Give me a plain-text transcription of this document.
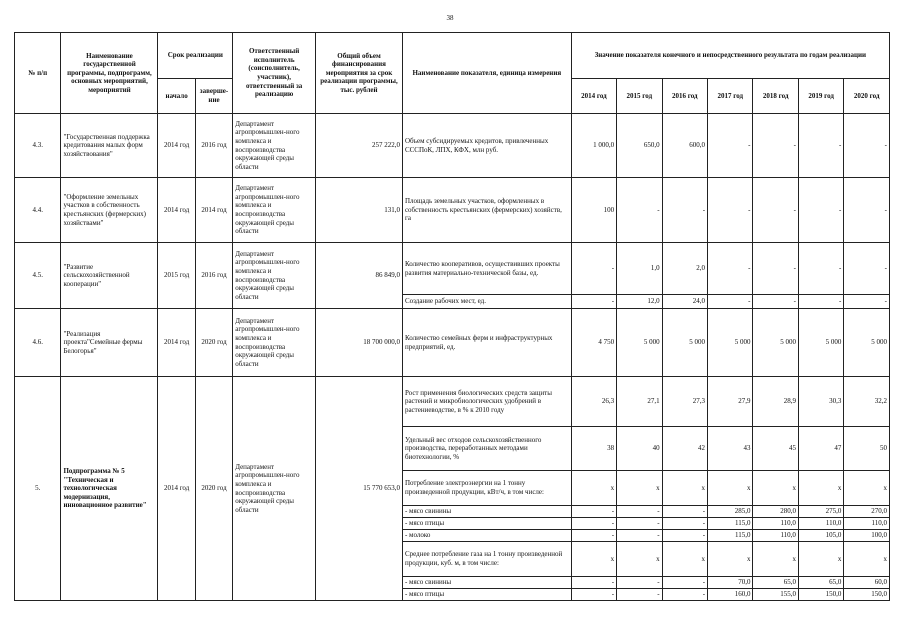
38
№ п/п	Наименование государственной программы, подпрограмм, основных мероприятий, мероприятий	Срок реализации		Ответственный исполнитель (соисполнитель, участник), ответственный за реализацию	Общий объем финансирования мероприятия за срок реализации программы, тыс. рублей	Наименование показателя, единица измерения	Значение показателя конечного и непосредственного результата по годам реализации						
		начало	заверше-ние				2014 год	2015 год	2016 год	2017 год	2018 год	2019 год	2020 год
4.3.	"Государственная поддержка кредитования малых форм хозяйствования"	2014 год	2016 год	Департамент агропромышлен-ного комплекса и воспроизводства окружающей среды области	257 222,0	Объем субсидируемых кредитов, привлеченных СССПоК, ЛПХ, КФХ, млн руб.	1 000,0	650,0	600,0	-	-	-	-
4.4.	"Оформление земельных участков в собственность крестьянских (фермерских) хозяйствами"	2014 год	2014 год	Департамент агропромышлен-ного комплекса и воспроизводства окружающей среды области	131,0	Площадь земельных участков, оформленных в собственность крестьянских (фермерских) хозяйств, га	100	-	-	-	-	-	-
4.5.	"Развитие сельскохозяйственной кооперации"	2015 год	2016 год	Департамент агропромышлен-ного комплекса и воспроизводства окружающей среды области	86 849,0	Количество кооперативов, осуществивших проекты развития материально-технической базы, ед.	-	1,0	2,0	-	-	-	-
						Создание рабочих мест, ед.	-	12,0	24,0	-	-	-	-
4.6.	"Реализация проекта"Семейные фермы Белогорья"	2014 год	2020 год	Департамент агропромышлен-ного комплекса и воспроизводства окружающей среды области	18 700 000,0	Количество семейных ферм и инфраструктурных предприятий, ед.	4 750	5 000	5 000	5 000	5 000	5 000	5 000
5.	Подпрограмма № 5 "Техническая и технологическая модернизация, инновационное развитие"	2014 год	2020 год	Департамент агропромышлен-ного комплекса и воспроизводства окружающей среды области	15 770 653,0	Рост применения биологических средств защиты растений и микробиологических удобрений в растениеводстве, в % к 2010 году	26,3	27,1	27,3	27,9	28,9	30,3	32,2
						Удельный вес отходов сельскохозяйственного производства, переработанных методами биотехнологии, %	38	40	42	43	45	47	50
						Потребление электроэнергии на 1 тонну произведенной продукции, кВт/ч, в том числе:	x	x	x	x	x	x	x
						- мясо свинины	-	-	-	285,0	280,0	275,0	270,0
						- мясо птицы	-	-	-	115,0	110,0	110,0	110,0
						- молоко	-	-	-	115,0	110,0	105,0	100,0
						Среднее потребление газа на 1 тонну произведенной продукции, куб. м, в том числе:	x	x	x	x	x	x	x
						- мясо свинины	-	-	-	70,0	65,0	65,0	60,0
						- мясо птицы	-	-	-	160,0	155,0	150,0	150,0
